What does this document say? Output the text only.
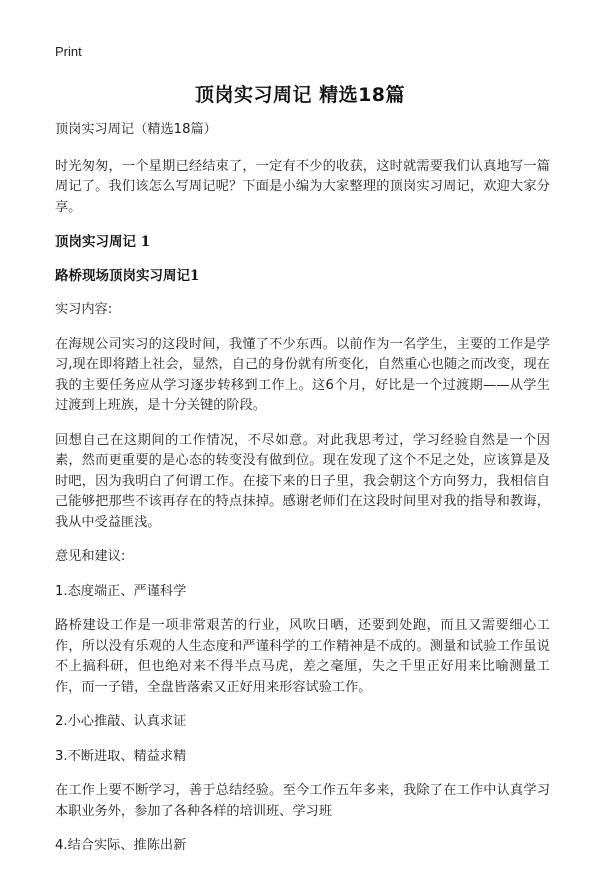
Print
顶岗实习周记 精选18篇

顶岗实习周记（精选18篇）

时光匆匆，一个星期已经结束了，一定有不少的收获，这时就需要我们认真地写一篇周记了。我们该怎么写周记呢？下面是小编为大家整理的顶岗实习周记，欢迎大家分享。

顶岗实习周记 1

路桥现场顶岗实习周记1

实习内容:

在海规公司实习的这段时间，我懂了不少东西。以前作为一名学生，主要的工作是学习,现在即将踏上社会，显然，自己的身份就有所变化，自然重心也随之而改变，现在我的主要任务应从学习逐步转移到工作上。这6个月，好比是一个过渡期——从学生过渡到上班族，是十分关键的阶段。

回想自己在这期间的工作情况，不尽如意。对此我思考过，学习经验自然是一个因素，然而更重要的是心态的转变没有做到位。现在发现了这个不足之处，应该算是及时吧，因为我明白了何谓工作。在接下来的日子里，我会朝这个方向努力，我相信自己能够把那些不该再存在的特点抹掉。感谢老师们在这段时间里对我的指导和教诲，我从中受益匪浅。

意见和建议:

1.态度端正、严谨科学

路桥建设工作是一项非常艰苦的行业，风吹日晒，还要到处跑，而且又需要细心工作，所以没有乐观的人生态度和严谨科学的工作精神是不成的。测量和试验工作虽说不上搞科研，但也绝对来不得半点马虎，差之毫厘，失之千里正好用来比喻测量工作，而一子错，全盘皆落索又正好用来形容试验工作。

2.小心推敲、认真求证

3.不断进取、精益求精

在工作上要不断学习，善于总结经验。至今工作五年多来，我除了在工作中认真学习本职业务外，参加了各种各样的培训班、学习班

4.结合实际、推陈出新
